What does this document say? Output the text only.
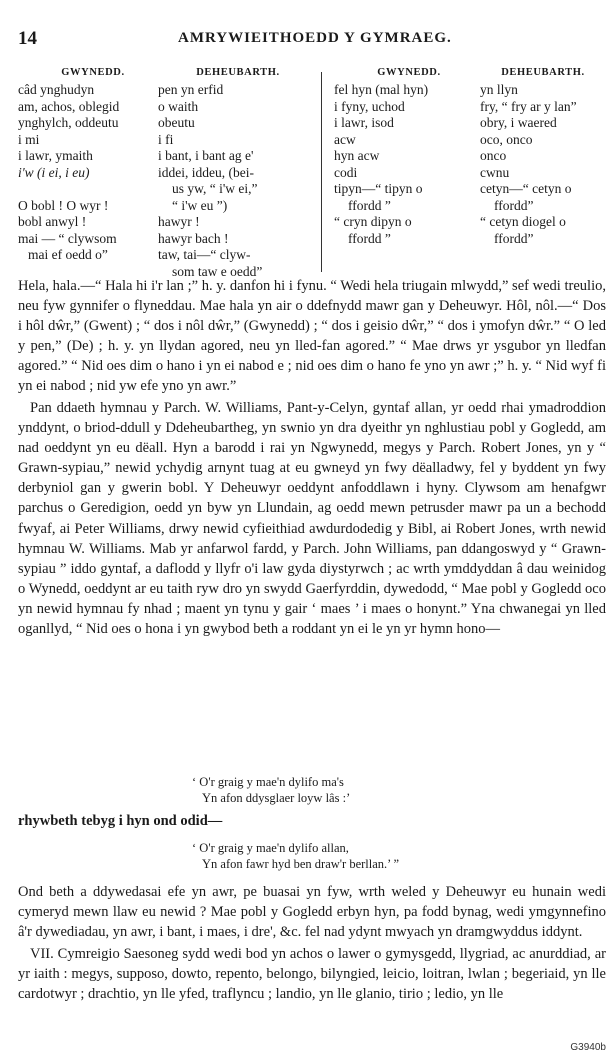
14	AMRYWIEITHOEDD Y GYMRAEG.
GWYNEDD.
câd ynghudyn
am, achos, oblegid
ynghylch, oddeutu
i mi
i lawr, ymaith
i'w (i ei, i eu)
O bobl ! O wyr !
bobl anwyl !
mai — “ clywsom
mai ef oedd o”
DEHEUBARTH.
pen yn erfid
o waith
obeutu
i fi
i bant, i bant ag e'
iddei, iddeu, (bei-
us yw, “ i'w ei,”
“ i'w eu ”)
hawyr !
hawyr bach !
taw, tai—“ clyw-
som taw e oedd”
GWYNEDD.
fel hyn (mal hyn)
i fyny, uchod
i lawr, isod
acw
hyn acw
codi
tipyn—“ tipyn o
ffordd ”
“ cryn dipyn o
ffordd ”
DEHEUBARTH.
yn llyn
fry, “ fry ar y lan”
obry, i waered
oco, onco
onco
cwnu
cetyn—“ cetyn o
ffordd”
“ cetyn diogel o
ffordd”

Hela, hala.—“ Hala hi i'r lan ;” h. y. danfon hi i fynu. “ Wedi hela triugain mlwydd,” sef wedi treulio, neu fyw gynnifer o flyneddau. Mae hala yn air o ddefnydd mawr gan y Deheuwyr. Hôl, nôl.—“ Dos i hôl dŵr,” (Gwent) ; “ dos i nôl dŵr,” (Gwynedd) ; “ dos i geisio dŵr,” “ dos i ymofyn dŵr.” “ O led y pen,” (De) ; h. y. yn llydan agored, neu yn lled-fan agored.” “ Mae drws yr ysgubor yn lledfan agored.” “ Nid oes dim o hano i yn ei nabod e ; nid oes dim o hano fe yno yn awr ;” h. y. “ Nid wyf fi yn ei nabod ; nid yw efe yno yn awr.”

Pan ddaeth hymnau y Parch. W. Williams, Pant-y-Celyn, gyntaf allan, yr oedd rhai ymadroddion ynddynt, o briod-ddull y Ddeheubartheg, yn swnio yn dra dyeithr yn nghlustiau pobl y Gogledd, am nad oeddynt yn eu dëall. Hyn a barodd i rai yn Ngwynedd, megys y Parch. Robert Jones, yn y “ Grawn-sypiau,” newid ychydig arnynt tuag at eu gwneyd yn fwy dëalladwy, fel y byddent yn fwy derbyniol gan y gwerin bobl. Y Deheuwyr oeddynt anfoddlawn i hyny. Clywsom am henafgwr parchus o Geredigion, oedd yn byw yn Llundain, ag oedd mewn petrusder mawr pa un a bechodd fwyaf, ai Peter Williams, drwy newid cyfieithiad awdurdodedig y Bibl, ai Robert Jones, wrth newid hymnau W. Williams. Mab yr anfarwol fardd, y Parch. John Williams, pan ddangoswyd y “ Grawn-sypiau ” iddo gyntaf, a daflodd y llyfr o'i law gyda diystyrwch ; ac wrth ymddyddan â dau weinidog o Wynedd, oeddynt ar eu taith ryw dro yn swydd Gaerfyrddin, dywedodd, “ Mae pobl y Gogledd oco yn newid hymnau fy nhad ; maent yn tynu y gair ‘ maes ’ i maes o honynt.” Yna chwanegai yn lled oganllyd, “ Nid oes o hona i yn gwybod beth a roddant yn ei le yn yr hymn hono—

‘ O'r graig y mae'n dylifo ma's
Yn afon ddysglaer loyw lâs :’
rhywbeth tebyg i hyn ond odid—
‘ O'r graig y mae'n dylifo allan,
Yn afon fawr hyd ben draw'r berllan.’ ”

Ond beth a ddywedasai efe yn awr, pe buasai yn fyw, wrth weled y Deheuwyr eu hunain wedi cymeryd mewn llaw eu newid ? Mae pobl y Gogledd erbyn hyn, pa fodd bynag, wedi ymgynnefino â'r dywediadau, yn awr, i bant, i maes, i dre', &c. fel nad ydynt mwyach yn dramgwyddus iddynt.

VII. Cymreigio Saesoneg sydd wedi bod yn achos o lawer o gymysgedd, llygriad, ac anurddiad, ar yr iaith : megys, supposo, dowto, repento, belongo, bilyngied, leicio, loitran, lwlan ; begeriaid, yn lle cardotwyr ; drachtio, yn lle yfed, traflyncu ; landio, yn lle glanio, tirio ; ledio, yn lle

G3940b
